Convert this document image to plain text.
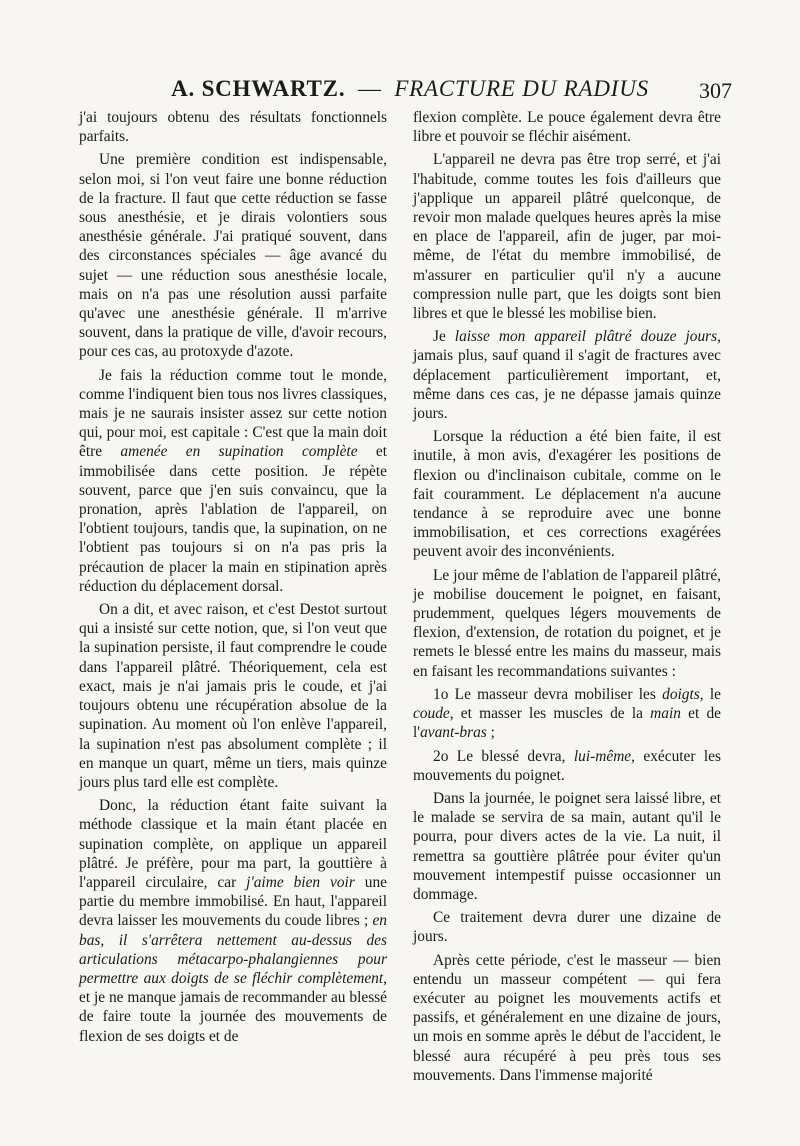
A. SCHWARTZ. — FRACTURE DU RADIUS	307

j'ai toujours obtenu des résultats fonctionnels parfaits.

Une première condition est indispensable, selon moi, si l'on veut faire une bonne réduction de la fracture. Il faut que cette réduction se fasse sous anesthésie, et je dirais volontiers sous anesthésie générale. J'ai pratiqué souvent, dans des circonstances spéciales — âge avancé du sujet — une réduction sous anesthésie locale, mais on n'a pas une résolution aussi parfaite qu'avec une anesthésie générale. Il m'arrive souvent, dans la pratique de ville, d'avoir recours, pour ces cas, au protoxyde d'azote.

Je fais la réduction comme tout le monde, comme l'indiquent bien tous nos livres classiques, mais je ne saurais insister assez sur cette notion qui, pour moi, est capitale : C'est que la main doit être amenée en supination complète et immobilisée dans cette position. Je répète souvent, parce que j'en suis convaincu, que la pronation, après l'ablation de l'appareil, on l'obtient toujours, tandis que, la supination, on ne l'obtient pas toujours si on n'a pas pris la précaution de placer la main en stipination après réduction du déplacement dorsal.

On a dit, et avec raison, et c'est Destot surtout qui a insisté sur cette notion, que, si l'on veut que la supination persiste, il faut comprendre le coude dans l'appareil plâtré. Théoriquement, cela est exact, mais je n'ai jamais pris le coude, et j'ai toujours obtenu une récupération absolue de la supination. Au moment où l'on enlève l'appareil, la supination n'est pas absolument complète ; il en manque un quart, même un tiers, mais quinze jours plus tard elle est complète.

Donc, la réduction étant faite suivant la méthode classique et la main étant placée en supination complète, on applique un appareil plâtré. Je préfère, pour ma part, la gouttière à l'appareil circulaire, car j'aime bien voir une partie du membre immobilisé. En haut, l'appareil devra laisser les mouvements du coude libres ; en bas, il s'arrêtera nettement au-dessus des articulations métacarpo-phalangiennes pour permettre aux doigts de se fléchir complètement, et je ne manque jamais de recommander au blessé de faire toute la journée des mouvements de flexion de ses doigts et de

flexion complète. Le pouce également devra être libre et pouvoir se fléchir aisément.

L'appareil ne devra pas être trop serré, et j'ai l'habitude, comme toutes les fois d'ailleurs que j'applique un appareil plâtré quelconque, de revoir mon malade quelques heures après la mise en place de l'appareil, afin de juger, par moi-même, de l'état du membre immobilisé, de m'assurer en particulier qu'il n'y a aucune compression nulle part, que les doigts sont bien libres et que le blessé les mobilise bien.

Je laisse mon appareil plâtré douze jours, jamais plus, sauf quand il s'agit de fractures avec déplacement particulièrement important, et, même dans ces cas, je ne dépasse jamais quinze jours.

Lorsque la réduction a été bien faite, il est inutile, à mon avis, d'exagérer les positions de flexion ou d'inclinaison cubitale, comme on le fait couramment. Le déplacement n'a aucune tendance à se reproduire avec une bonne immobilisation, et ces corrections exagérées peuvent avoir des inconvénients.

Le jour même de l'ablation de l'appareil plâtré, je mobilise doucement le poignet, en faisant, prudemment, quelques légers mouvements de flexion, d'extension, de rotation du poignet, et je remets le blessé entre les mains du masseur, mais en faisant les recommandations suivantes :

1o Le masseur devra mobiliser les doigts, le coude, et masser les muscles de la main et de l'avant-bras ;

2o Le blessé devra, lui-même, exécuter les mouvements du poignet.

Dans la journée, le poignet sera laissé libre, et le malade se servira de sa main, autant qu'il le pourra, pour divers actes de la vie. La nuit, il remettra sa gouttière plâtrée pour éviter qu'un mouvement intempestif puisse occasionner un dommage.

Ce traitement devra durer une dizaine de jours.

Après cette période, c'est le masseur — bien entendu un masseur compétent — qui fera exécuter au poignet les mouvements actifs et passifs, et généralement en une dizaine de jours, un mois en somme après le début de l'accident, le blessé aura récupéré à peu près tous ses mouvements. Dans l'immense majorité
